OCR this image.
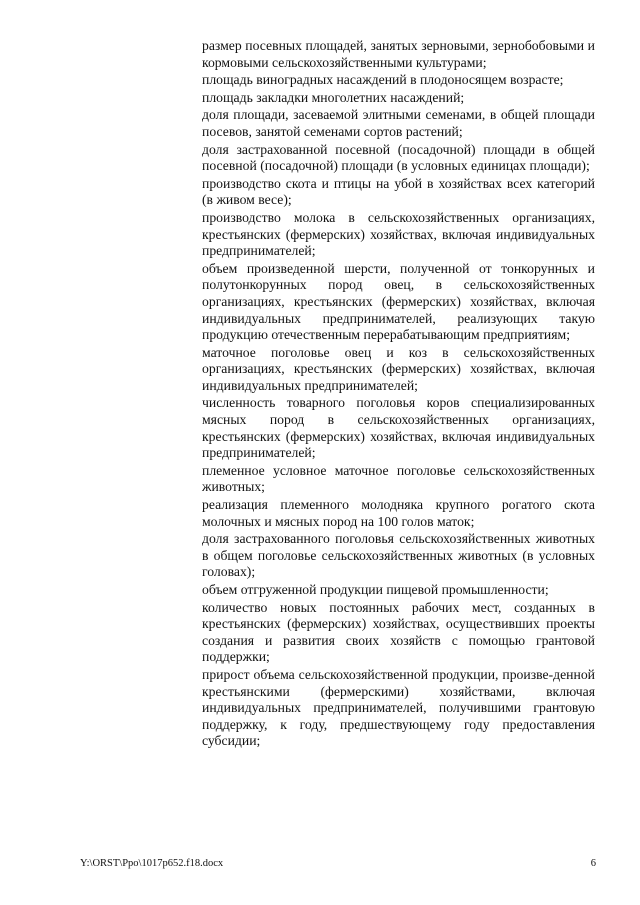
размер посевных площадей, занятых зерновыми, зернобобовыми и кормовыми сельскохозяйственными культурами;

площадь виноградных насаждений в плодоносящем возрасте;

площадь закладки многолетних насаждений;

доля площади, засеваемой элитными семенами, в общей площади посевов, занятой семенами сортов растений;

доля застрахованной посевной (посадочной) площади в общей посевной (посадочной) площади (в условных единицах площади);

производство скота и птицы на убой в хозяйствах всех категорий (в живом весе);

производство молока в сельскохозяйственных организациях, крестьянских (фермерских) хозяйствах, включая индивидуальных предпринимателей;

объем произведенной шерсти, полученной от тонкорунных и полутонкорунных пород овец, в сельскохозяйственных организациях, крестьянских (фермерских) хозяйствах, включая индивидуальных предпринимателей, реализующих такую продукцию отечественным перерабатывающим предприятиям;

маточное поголовье овец и коз в сельскохозяйственных организациях, крестьянских (фермерских) хозяйствах, включая индивидуальных предпринимателей;

численность товарного поголовья коров специализированных мясных пород в сельскохозяйственных организациях, крестьянских (фермерских) хозяйствах, включая индивидуальных предпринимателей;

племенное условное маточное поголовье сельскохозяйственных животных;

реализация племенного молодняка крупного рогатого скота молочных и мясных пород на 100 голов маток;

доля застрахованного поголовья сельскохозяйственных животных в общем поголовье сельскохозяйственных животных (в условных головах);

объем отгруженной продукции пищевой промышленности;

количество новых постоянных рабочих мест, созданных в крестьянских (фермерских) хозяйствах, осуществивших проекты создания и развития своих хозяйств с помощью грантовой поддержки;

прирост объема сельскохозяйственной продукции, произве-денной крестьянскими (фермерскими) хозяйствами, включая индивидуальных предпринимателей, получившими грантовую поддержку, к году, предшествующему году предоставления субсидии;

Y:\ORST\Ppo\1017p652.f18.docx	6
